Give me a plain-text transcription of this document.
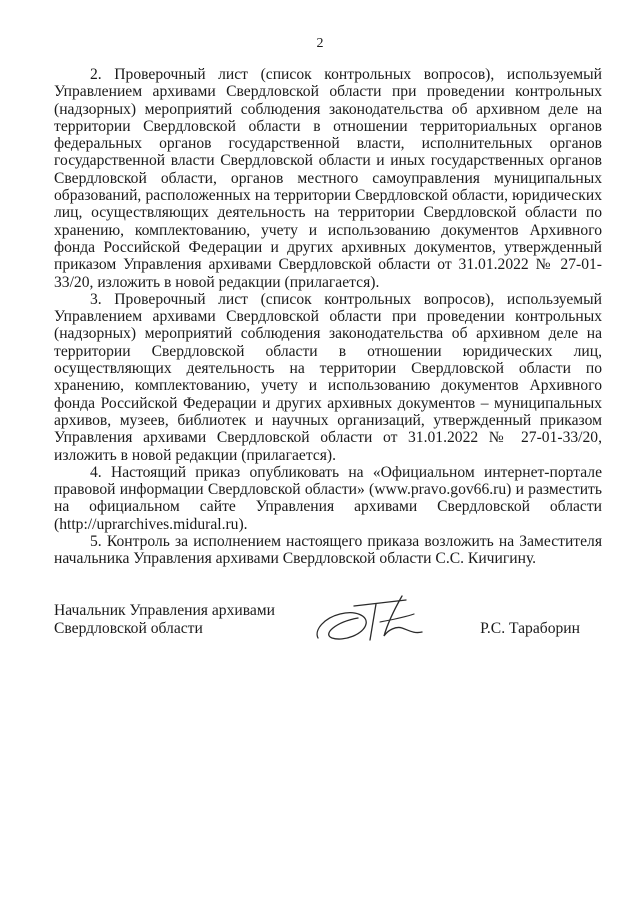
2

2. Проверочный лист (список контрольных вопросов), используемый Управлением архивами Свердловской области при проведении контрольных (надзорных) мероприятий соблюдения законодательства об архивном деле на территории Свердловской области в отношении территориальных органов федеральных органов государственной власти, исполнительных органов государственной власти Свердловской области и иных государственных органов Свердловской области, органов местного самоуправления муниципальных образований, расположенных на территории Свердловской области, юридических лиц, осуществляющих деятельность на территории Свердловской области по хранению, комплектованию, учету и использованию документов Архивного фонда Российской Федерации и других архивных документов, утвержденный приказом Управления архивами Свердловской области от 31.01.2022 № 27-01-33/20, изложить в новой редакции (прилагается).

3. Проверочный лист (список контрольных вопросов), используемый Управлением архивами Свердловской области при проведении контрольных (надзорных) мероприятий соблюдения законодательства об архивном деле на территории Свердловской области в отношении юридических лиц, осуществляющих деятельность на территории Свердловской области по хранению, комплектованию, учету и использованию документов Архивного фонда Российской Федерации и других архивных документов – муниципальных архивов, музеев, библиотек и научных организаций, утвержденный приказом Управления архивами Свердловской области от 31.01.2022 № 27-01-33/20, изложить в новой редакции (прилагается).

4. Настоящий приказ опубликовать на «Официальном интернет-портале правовой информации Свердловской области» (www.pravo.gov66.ru) и разместить на официальном сайте Управления архивами Свердловской области (http://uprarchives.midural.ru).

5. Контроль за исполнением настоящего приказа возложить на Заместителя начальника Управления архивами Свердловской области С.С. Кичигину.

Начальник Управления архивами
Свердловской области	Р.С. Тараборин
